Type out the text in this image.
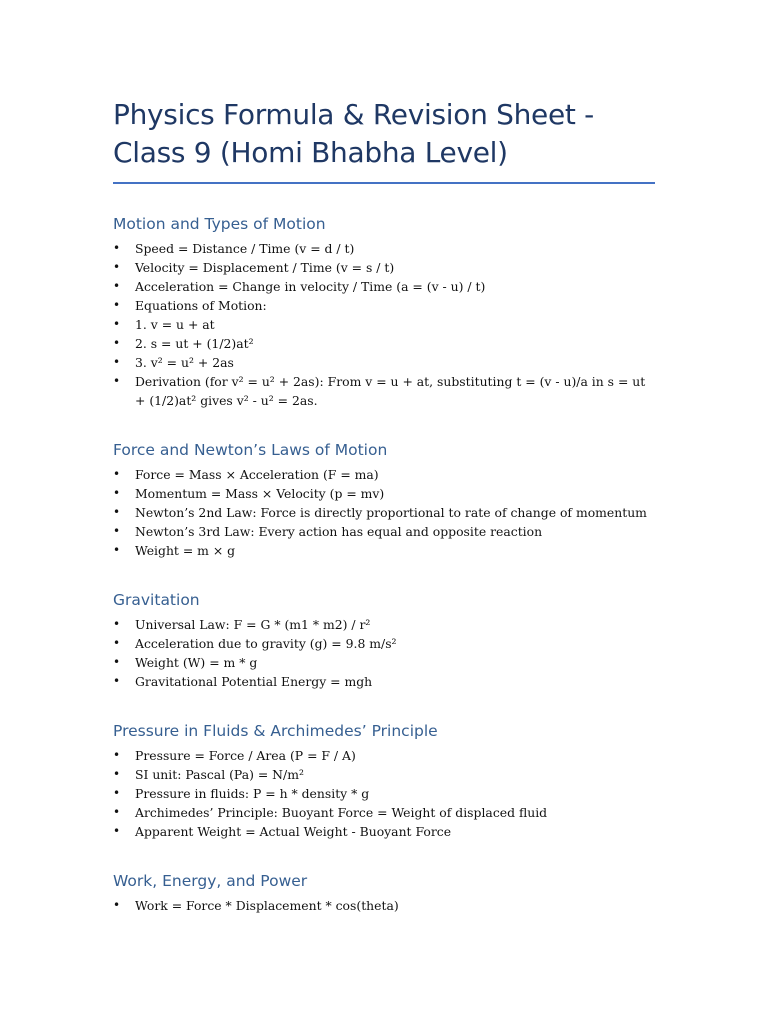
Physics Formula & Revision Sheet - Class 9 (Homi Bhabha Level)
Motion and Types of Motion
• Speed = Distance / Time (v = d / t)
• Velocity = Displacement / Time (v = s / t)
• Acceleration = Change in velocity / Time (a = (v - u) / t)
• Equations of Motion:
• 1. v = u + at
• 2. s = ut + (1/2)at²
• 3. v² = u² + 2as
• Derivation (for v² = u² + 2as): From v = u + at, substituting t = (v - u)/a in s = ut + (1/2)at² gives v² - u² = 2as.
Force and Newton’s Laws of Motion
• Force = Mass × Acceleration (F = ma)
• Momentum = Mass × Velocity (p = mv)
• Newton’s 2nd Law: Force is directly proportional to rate of change of momentum
• Newton’s 3rd Law: Every action has equal and opposite reaction
• Weight = m × g
Gravitation
• Universal Law: F = G * (m1 * m2) / r²
• Acceleration due to gravity (g) = 9.8 m/s²
• Weight (W) = m * g
• Gravitational Potential Energy = mgh
Pressure in Fluids & Archimedes’ Principle
• Pressure = Force / Area (P = F / A)
• SI unit: Pascal (Pa) = N/m²
• Pressure in fluids: P = h * density * g
• Archimedes’ Principle: Buoyant Force = Weight of displaced fluid
• Apparent Weight = Actual Weight - Buoyant Force
Work, Energy, and Power
• Work = Force * Displacement * cos(theta)
